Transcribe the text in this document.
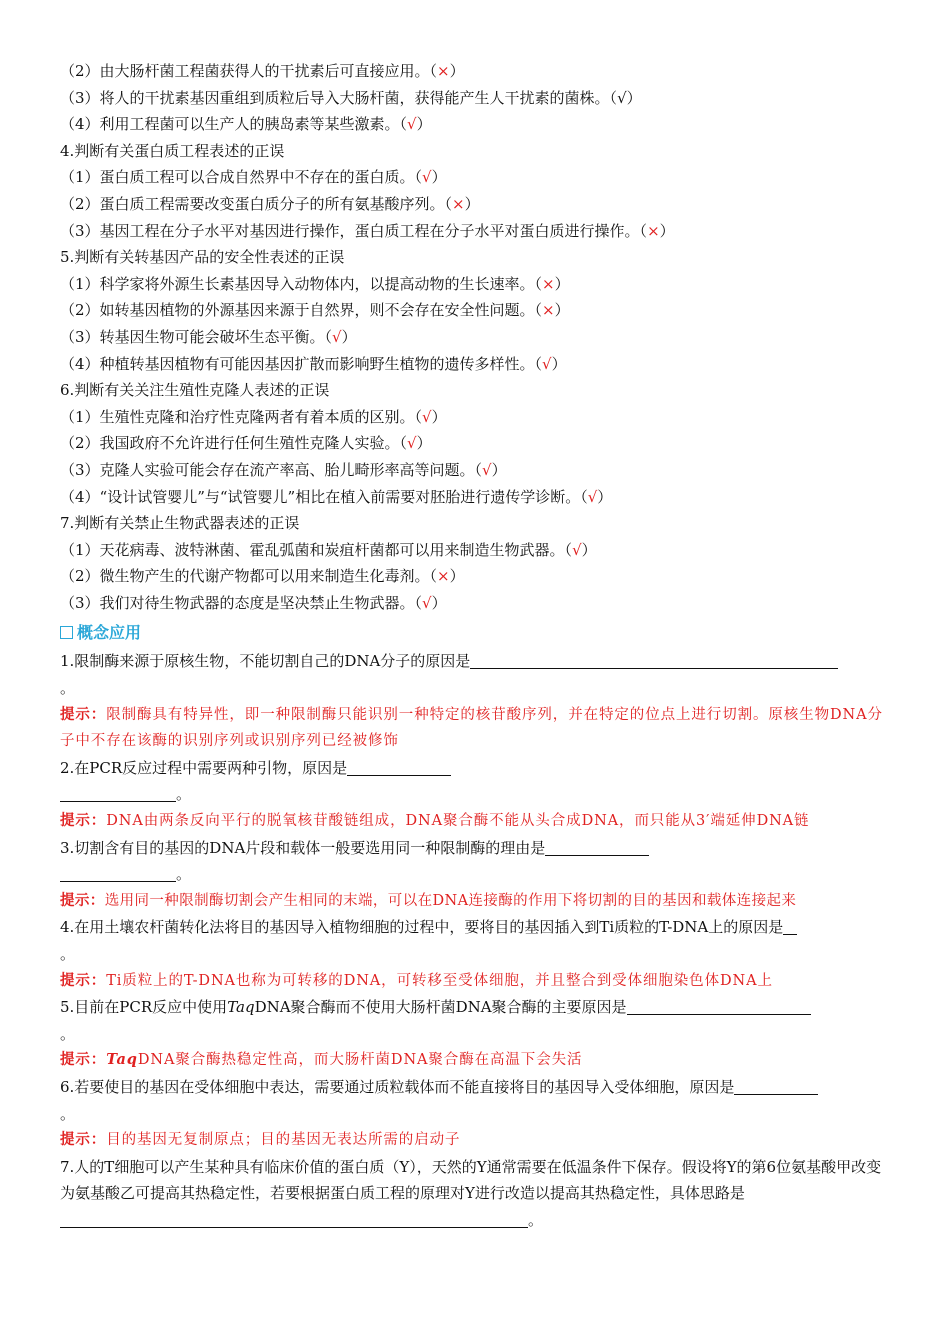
（2）由大肠杆菌工程菌获得人的干扰素后可直接应用。（×）
（3）将人的干扰素基因重组到质粒后导入大肠杆菌，获得能产生人干扰素的菌株。（√）
（4）利用工程菌可以生产人的胰岛素等某些激素。（√）
4.判断有关蛋白质工程表述的正误
（1）蛋白质工程可以合成自然界中不存在的蛋白质。（√）
（2）蛋白质工程需要改变蛋白质分子的所有氨基酸序列。（×）
（3）基因工程在分子水平对基因进行操作，蛋白质工程在分子水平对蛋白质进行操作。（×）
5.判断有关转基因产品的安全性表述的正误
（1）科学家将外源生长素基因导入动物体内，以提高动物的生长速率。（×）
（2）如转基因植物的外源基因来源于自然界，则不会存在安全性问题。（×）
（3）转基因生物可能会破坏生态平衡。（√）
（4）种植转基因植物有可能因基因扩散而影响野生植物的遗传多样性。（√）
6.判断有关关注生殖性克隆人表述的正误
（1）生殖性克隆和治疗性克隆两者有着本质的区别。（√）
（2）我国政府不允许进行任何生殖性克隆人实验。（√）
（3）克隆人实验可能会存在流产率高、胎儿畸形率高等问题。（√）
（4）“设计试管婴儿”与“试管婴儿”相比在植入前需要对胚胎进行遗传学诊断。（√）
7.判断有关禁止生物武器表述的正误
（1）天花病毒、波特淋菌、霍乱弧菌和炭疽杆菌都可以用来制造生物武器。（√）
（2）微生物产生的代谢产物都可以用来制造生化毒剂。（×）
（3）我们对待生物武器的态度是坚决禁止生物武器。（√）
概念应用
1.限制酶来源于原核生物，不能切割自己的DNA分子的原因是
。
提示：限制酶具有特异性，即一种限制酶只能识别一种特定的核苷酸序列，并在特定的位点上进行切割。原核生物DNA分子中不存在该酶的识别序列或识别序列已经被修饰
2.在PCR反应过程中需要两种引物，原因是
。
提示：DNA由两条反向平行的脱氧核苷酸链组成，DNA聚合酶不能从头合成DNA，而只能从3′端延伸DNA链
3.切割含有目的基因的DNA片段和载体一般要选用同一种限制酶的理由是
。
提示：选用同一种限制酶切割会产生相同的末端，可以在DNA连接酶的作用下将切割的目的基因和载体连接起来
4.在用土壤农杆菌转化法将目的基因导入植物细胞的过程中，要将目的基因插入到Ti质粒的T-DNA上的原因是
。
提示：Ti质粒上的T-DNA也称为可转移的DNA，可转移至受体细胞，并且整合到受体细胞染色体DNA上
5.目前在PCR反应中使用TaqDNA聚合酶而不使用大肠杆菌DNA聚合酶的主要原因是
。
提示：TaqDNA聚合酶热稳定性高，而大肠杆菌DNA聚合酶在高温下会失活
6.若要使目的基因在受体细胞中表达，需要通过质粒载体而不能直接将目的基因导入受体细胞，原因是
。
提示：目的基因无复制原点；目的基因无表达所需的启动子
7.人的T细胞可以产生某种具有临床价值的蛋白质（Y），天然的Y通常需要在低温条件下保存。假设将Y的第6位氨基酸甲改变为氨基酸乙可提高其热稳定性，若要根据蛋白质工程的原理对Y进行改造以提高其热稳定性，具体思路是。
